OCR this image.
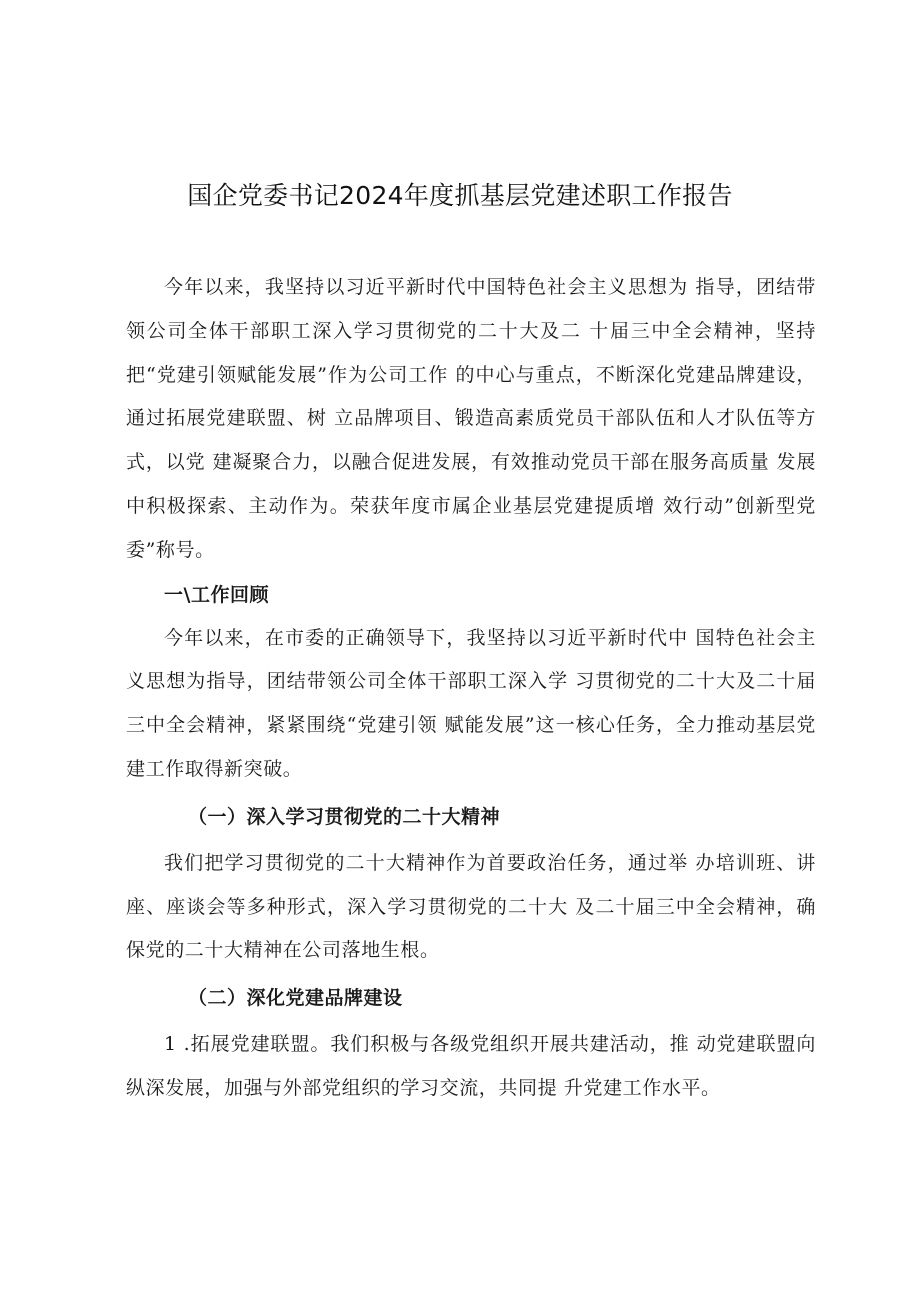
国企党委书记2024年度抓基层党建述职工作报告

今年以来，我坚持以习近平新时代中国特色社会主义思想为 指导，团结带领公司全体干部职工深入学习贯彻党的二十大及二 十届三中全会精神，坚持把“党建引领赋能发展”作为公司工作 的中心与重点，不断深化党建品牌建设，通过拓展党建联盟、树 立品牌项目、锻造高素质党员干部队伍和人才队伍等方式，以党 建凝聚合力，以融合促进发展，有效推动党员干部在服务高质量 发展中积极探索、主动作为。荣获年度市属企业基层党建提质增 效行动”创新型党委”称号。

一\工作回顾

今年以来，在市委的正确领导下，我坚持以习近平新时代中 国特色社会主义思想为指导，团结带领公司全体干部职工深入学 习贯彻党的二十大及二十届三中全会精神，紧紧围绕“党建引领 赋能发展”这一核心任务，全力推动基层党建工作取得新突破。

（一）深入学习贯彻党的二十大精神

我们把学习贯彻党的二十大精神作为首要政治任务，通过举 办培训班、讲座、座谈会等多种形式，深入学习贯彻党的二十大 及二十届三中全会精神，确保党的二十大精神在公司落地生根。

（二）深化党建品牌建设

1 .拓展党建联盟。我们积极与各级党组织开展共建活动，推 动党建联盟向纵深发展，加强与外部党组织的学习交流，共同提 升党建工作水平。
